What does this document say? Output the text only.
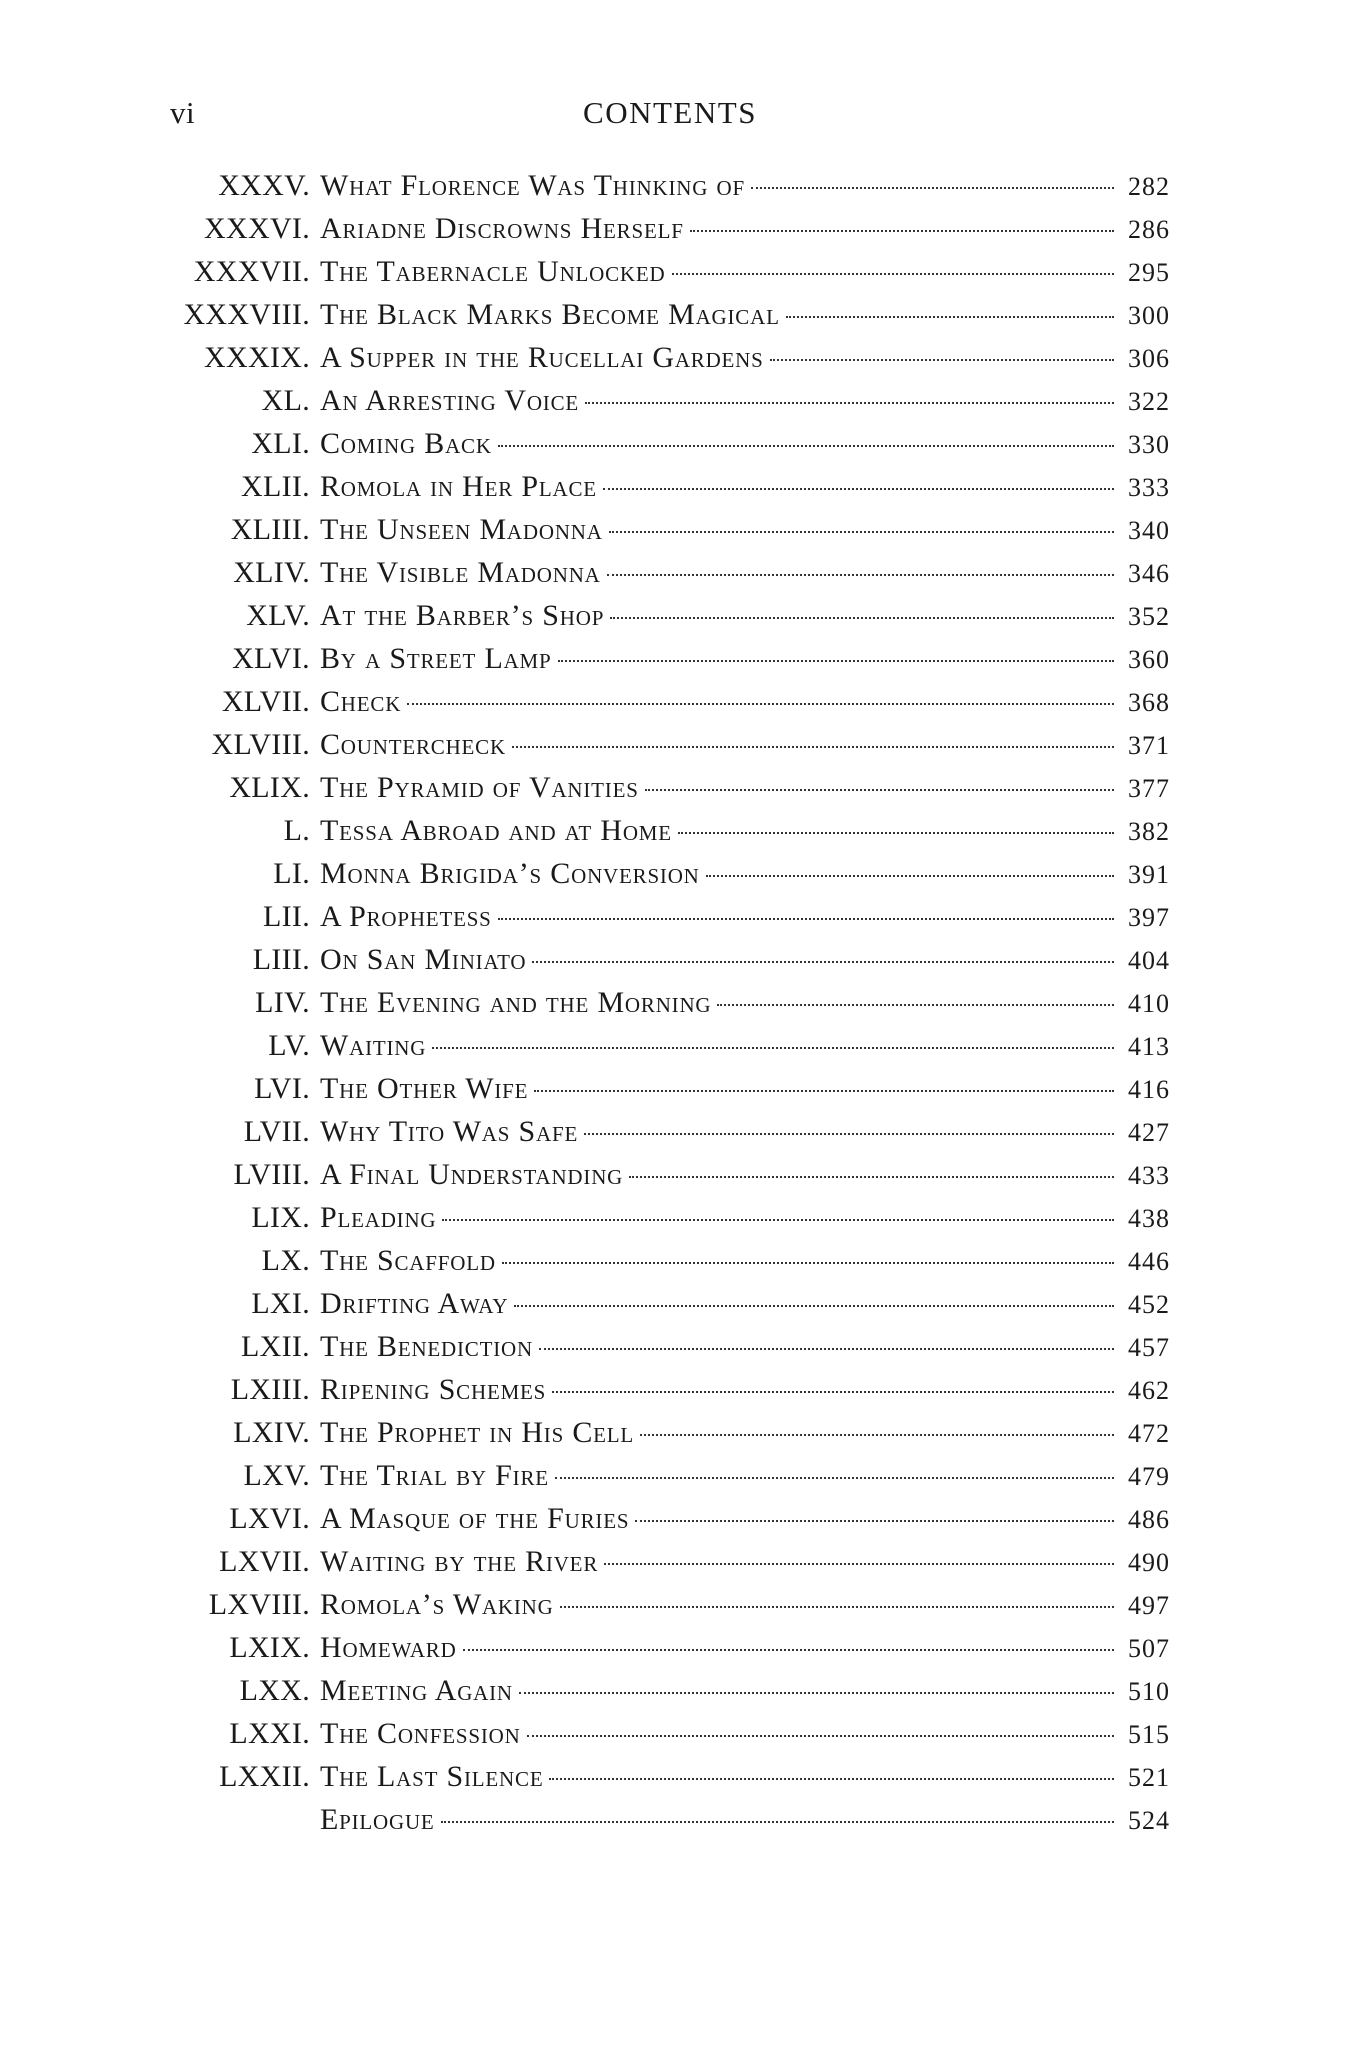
vi	CONTENTS
XXXV. What Florence Was Thinking of	282
XXXVI. Ariadne Discrowns Herself	286
XXXVII. The Tabernacle Unlocked	295
XXXVIII. The Black Marks Become Magical	300
XXXIX. A Supper in the Rucellai Gardens	306
XL. An Arresting Voice	322
XLI. Coming Back	330
XLII. Romola in Her Place	333
XLIII. The Unseen Madonna	340
XLIV. The Visible Madonna	346
XLV. At the Barber’s Shop	352
XLVI. By a Street Lamp	360
XLVII. Check	368
XLVIII. Countercheck	371
XLIX. The Pyramid of Vanities	377
L. Tessa Abroad and at Home	382
LI. Monna Brigida’s Conversion	391
LII. A Prophetess	397
LIII. On San Miniato	404
LIV. The Evening and the Morning	410
LV. Waiting	413
LVI. The Other Wife	416
LVII. Why Tito Was Safe	427
LVIII. A Final Understanding	433
LIX. Pleading	438
LX. The Scaffold	446
LXI. Drifting Away	452
LXII. The Benediction	457
LXIII. Ripening Schemes	462
LXIV. The Prophet in His Cell	472
LXV. The Trial by Fire	479
LXVI. A Masque of the Furies	486
LXVII. Waiting by the River	490
LXVIII. Romola’s Waking	497
LXIX. Homeward	507
LXX. Meeting Again	510
LXXI. The Confession	515
LXXII. The Last Silence	521
Epilogue	524
